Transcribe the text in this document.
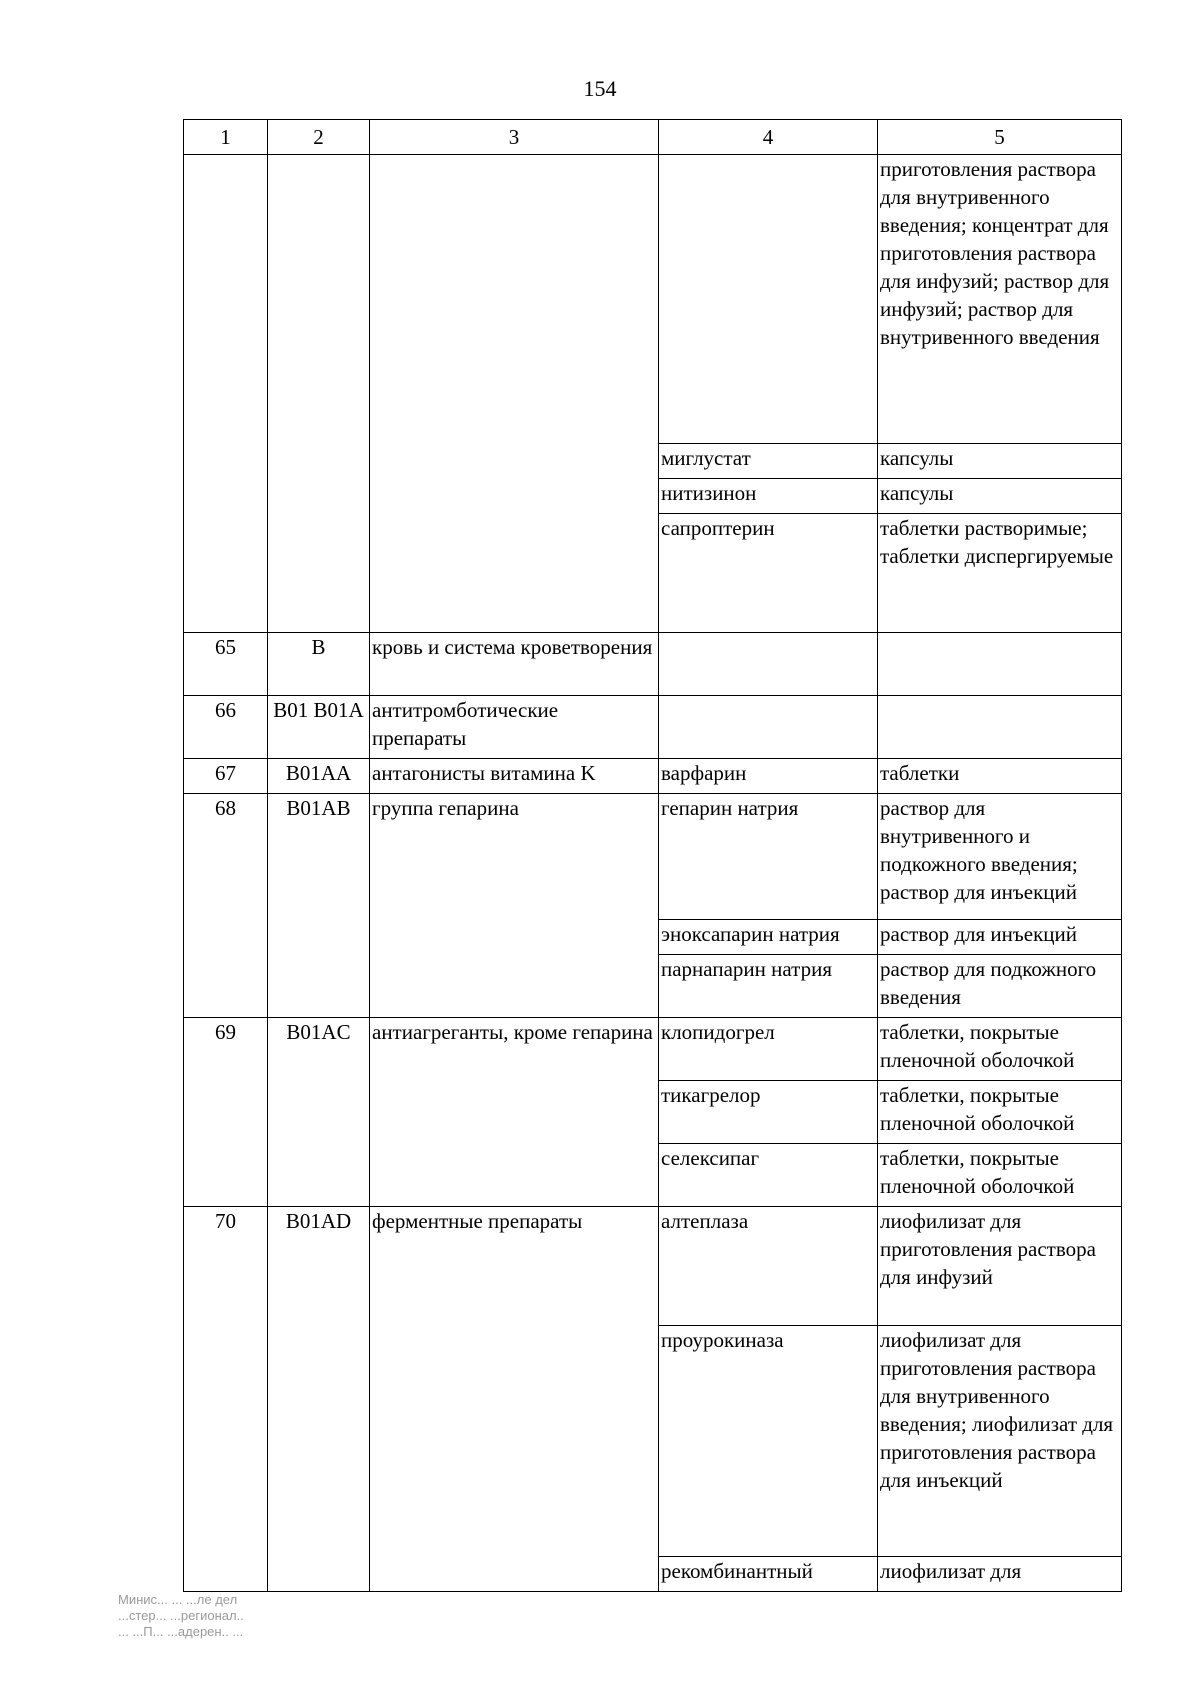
154
1	2	3	4	5
				приготовления раствора для внутривенного введения; концентрат для приготовления раствора для инфузий; раствор для инфузий; раствор для внутривенного введения
			миглустат	капсулы
			нитизинон	капсулы
			сапроптерин	таблетки растворимые; таблетки диспергируемые
65	B	кровь и система кроветворения		
66	B01 B01A	антитромботические препараты		
67	B01AA	антагонисты витамина K	варфарин	таблетки
68	B01AB	группа гепарина	гепарин натрия	раствор для внутривенного и подкожного введения; раствор для инъекций
			эноксапарин натрия	раствор для инъекций
			парнапарин натрия	раствор для подкожного введения
69	B01AC	антиагреганты, кроме гепарина	клопидогрел	таблетки, покрытые пленочной оболочкой
			тикагрелор	таблетки, покрытые пленочной оболочкой
			селексипаг	таблетки, покрытые пленочной оболочкой
70	B01AD	ферментные препараты	алтеплаза	лиофилизат для приготовления раствора для инфузий
			проурокиназа	лиофилизат для приготовления раствора для внутривенного введения; лиофилизат для приготовления раствора для инъекций
			рекомбинантный	лиофилизат для
Минис... ... ...ле дел
...стер... ...регионал..
... ...П... ...адерен.. ...
